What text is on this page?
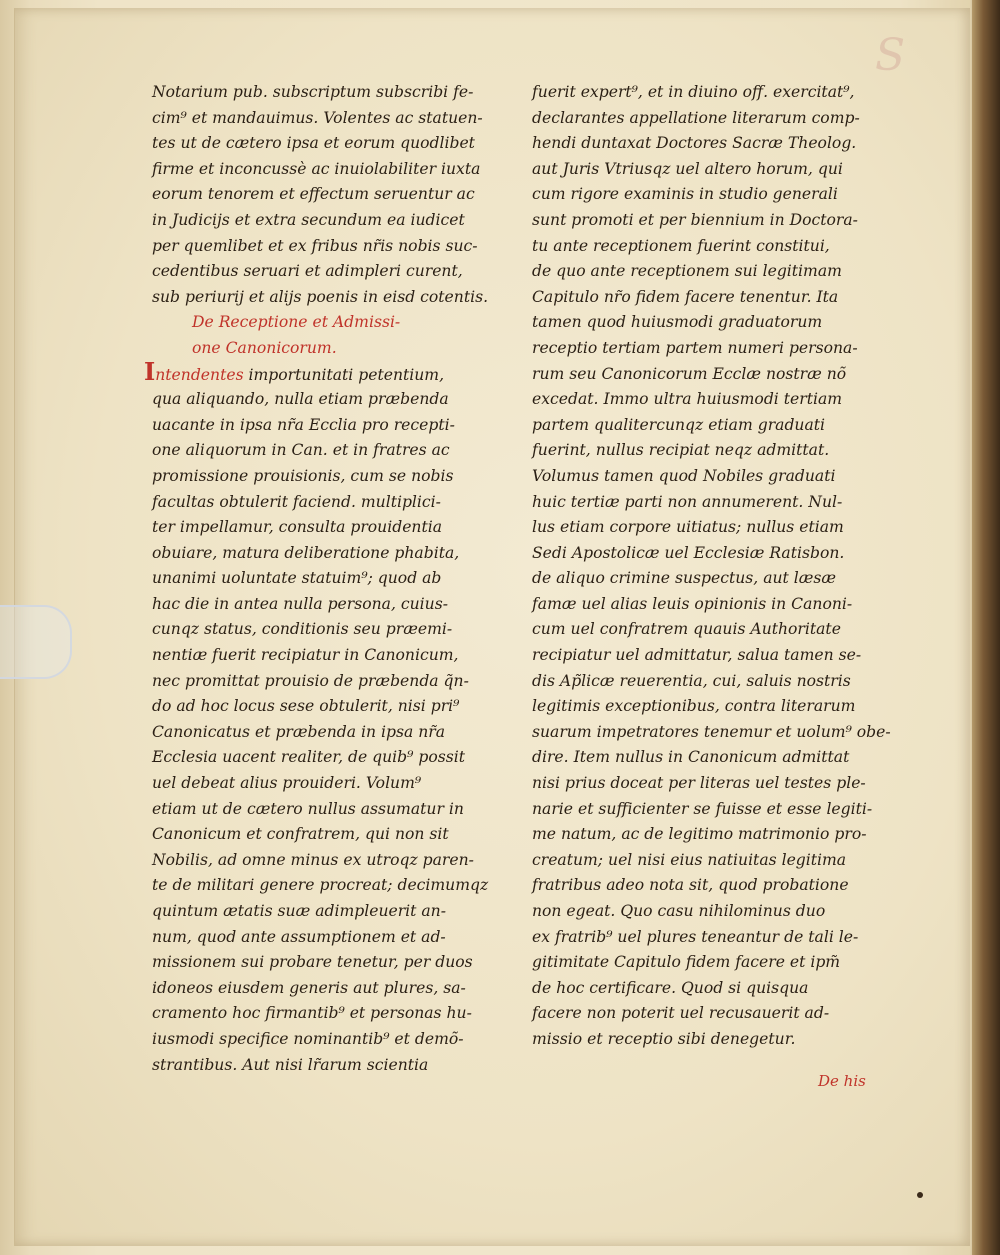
S
Notarium pub. subscriptum subscribi fe-
cim⁹ et mandauimus. Volentes ac statuen-
tes ut de cætero ipsa et eorum quodlibet
firme et inconcussè ac inuiolabiliter iuxta
eorum tenorem et effectum seruentur ac
in Judicijs et extra secundum ea iudicet
per quemlibet et ex fribus nr̃is nobis suc-
cedentibus seruari et adimpleri curent,
sub periurij et alijs poenis in eisd cotentis.
De Receptione et Admissi-
one Canonicorum.
Intendentes importunitati petentium,
qua aliquando, nulla etiam præbenda
uacante in ipsa nr̃a Ecclia pro recepti-
one aliquorum in Can. et in fratres ac
promissione prouisionis, cum se nobis
facultas obtulerit faciend. multiplici-
ter impellamur, consulta prouidentia
obuiare, matura deliberatione phabita,
unanimi uoluntate statuim⁹; quod ab
hac die in antea nulla persona, cuius-
cunqz status, conditionis seu præemi-
nentiæ fuerit recipiatur in Canonicum,
nec promittat prouisio de præbenda q̃n-
do ad hoc locus sese obtulerit, nisi pri⁹
Canonicatus et præbenda in ipsa nr̃a
Ecclesia uacent realiter, de quib⁹ possit
uel debeat alius prouideri. Volum⁹
etiam ut de cætero nullus assumatur in
Canonicum et confratrem, qui non sit
Nobilis, ad omne minus ex utroqz paren-
te de militari genere procreat; decimumqz
quintum ætatis suæ adimpleuerit an-
num, quod ante assumptionem et ad-
missionem sui probare tenetur, per duos
idoneos eiusdem generis aut plures, sa-
cramento hoc firmantib⁹ et personas hu-
iusmodi specifice nominantib⁹ et demõ-
strantibus. Aut nisi lr̃arum scientia
fuerit expert⁹, et in diuino off. exercitat⁹,
declarantes appellatione literarum comp-
hendi duntaxat Doctores Sacræ Theolog.
aut Juris Vtriusqz uel altero horum, qui
cum rigore examinis in studio generali
sunt promoti et per biennium in Doctora-
tu ante receptionem fuerint constitui,
de quo ante receptionem sui legitimam
Capitulo nr̃o fidem facere tenentur. Ita
tamen quod huiusmodi graduatorum
receptio tertiam partem numeri persona-
rum seu Canonicorum Ecclæ nostræ nõ
excedat. Immo ultra huiusmodi tertiam
partem qualitercunqz etiam graduati
fuerint, nullus recipiat neqz admittat.
Volumus tamen quod Nobiles graduati
huic tertiæ parti non annumerent. Nul-
lus etiam corpore uitiatus; nullus etiam
Sedi Apostolicæ uel Ecclesiæ Ratisbon.
de aliquo crimine suspectus, aut læsæ
famæ uel alias leuis opinionis in Canoni-
cum uel confratrem quauis Authoritate
recipiatur uel admittatur, salua tamen se-
dis Ap̃licæ reuerentia, cui, saluis nostris
legitimis exceptionibus, contra literarum
suarum impetratores tenemur et uolum⁹ obe-
dire. Item nullus in Canonicum admittat
nisi prius doceat per literas uel testes ple-
narie et sufficienter se fuisse et esse legiti-
me natum, ac de legitimo matrimonio pro-
creatum; uel nisi eius natiuitas legitima
fratribus adeo nota sit, quod probatione
non egeat. Quo casu nihilominus duo
ex fratrib⁹ uel plures teneantur de tali le-
gitimitate Capitulo fidem facere et ipm̃
de hoc certificare. Quod si quisqua
facere non poterit uel recusauerit ad-
missio et receptio sibi denegetur.
De his
